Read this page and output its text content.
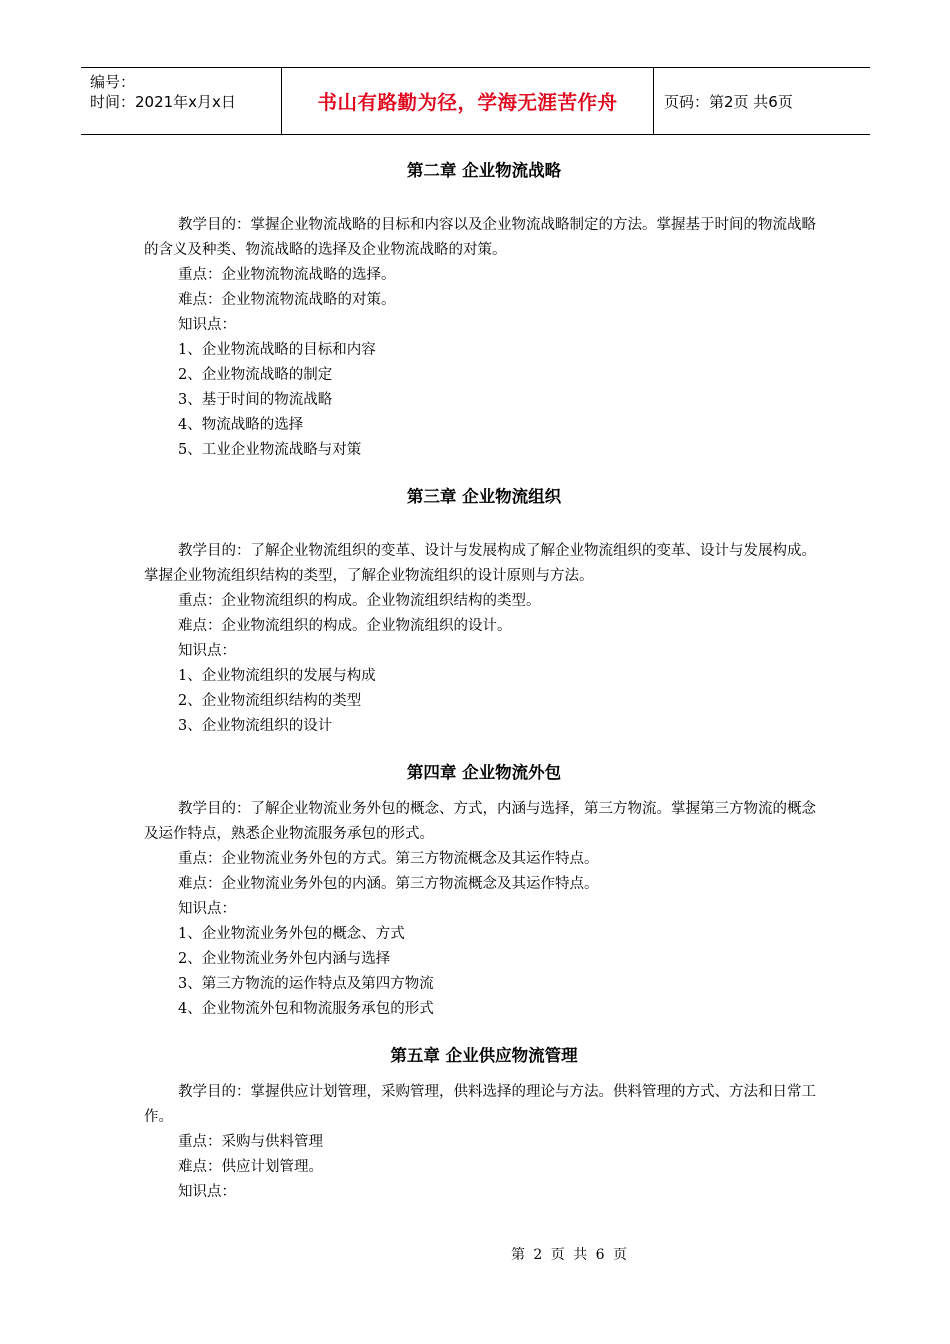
编号：
时间：2021年x月x日	书山有路勤为径，学海无涯苦作舟	页码：第2页 共6页
第二章 企业物流战略

教学目的：掌握企业物流战略的目标和内容以及企业物流战略制定的方法。掌握基于时间的物流战略的含义及种类、物流战略的选择及企业物流战略的对策。

重点：企业物流物流战略的选择。

难点：企业物流物流战略的对策。

知识点：

1、企业物流战略的目标和内容

2、企业物流战略的制定

3、基于时间的物流战略

4、物流战略的选择

5、工业企业物流战略与对策

第三章 企业物流组织

教学目的：了解企业物流组织的变革、设计与发展构成了解企业物流组织的变革、设计与发展构成。掌握企业物流组织结构的类型，了解企业物流组织的设计原则与方法。

重点：企业物流组织的构成。企业物流组织结构的类型。

难点：企业物流组织的构成。企业物流组织的设计。

知识点：

1、企业物流组织的发展与构成

2、企业物流组织结构的类型

3、企业物流组织的设计

第四章 企业物流外包

教学目的：了解企业物流业务外包的概念、方式，内涵与选择，第三方物流。掌握第三方物流的概念及运作特点，熟悉企业物流服务承包的形式。

重点：企业物流业务外包的方式。第三方物流概念及其运作特点。

难点：企业物流业务外包的内涵。第三方物流概念及其运作特点。

知识点：

1、企业物流业务外包的概念、方式

2、企业物流业务外包内涵与选择

3、第三方物流的运作特点及第四方物流

4、企业物流外包和物流服务承包的形式

第五章 企业供应物流管理

教学目的：掌握供应计划管理，采购管理，供料选择的理论与方法。供料管理的方式、方法和日常工作。

重点：采购与供料管理

难点：供应计划管理。

知识点：

第 2 页 共 6 页
